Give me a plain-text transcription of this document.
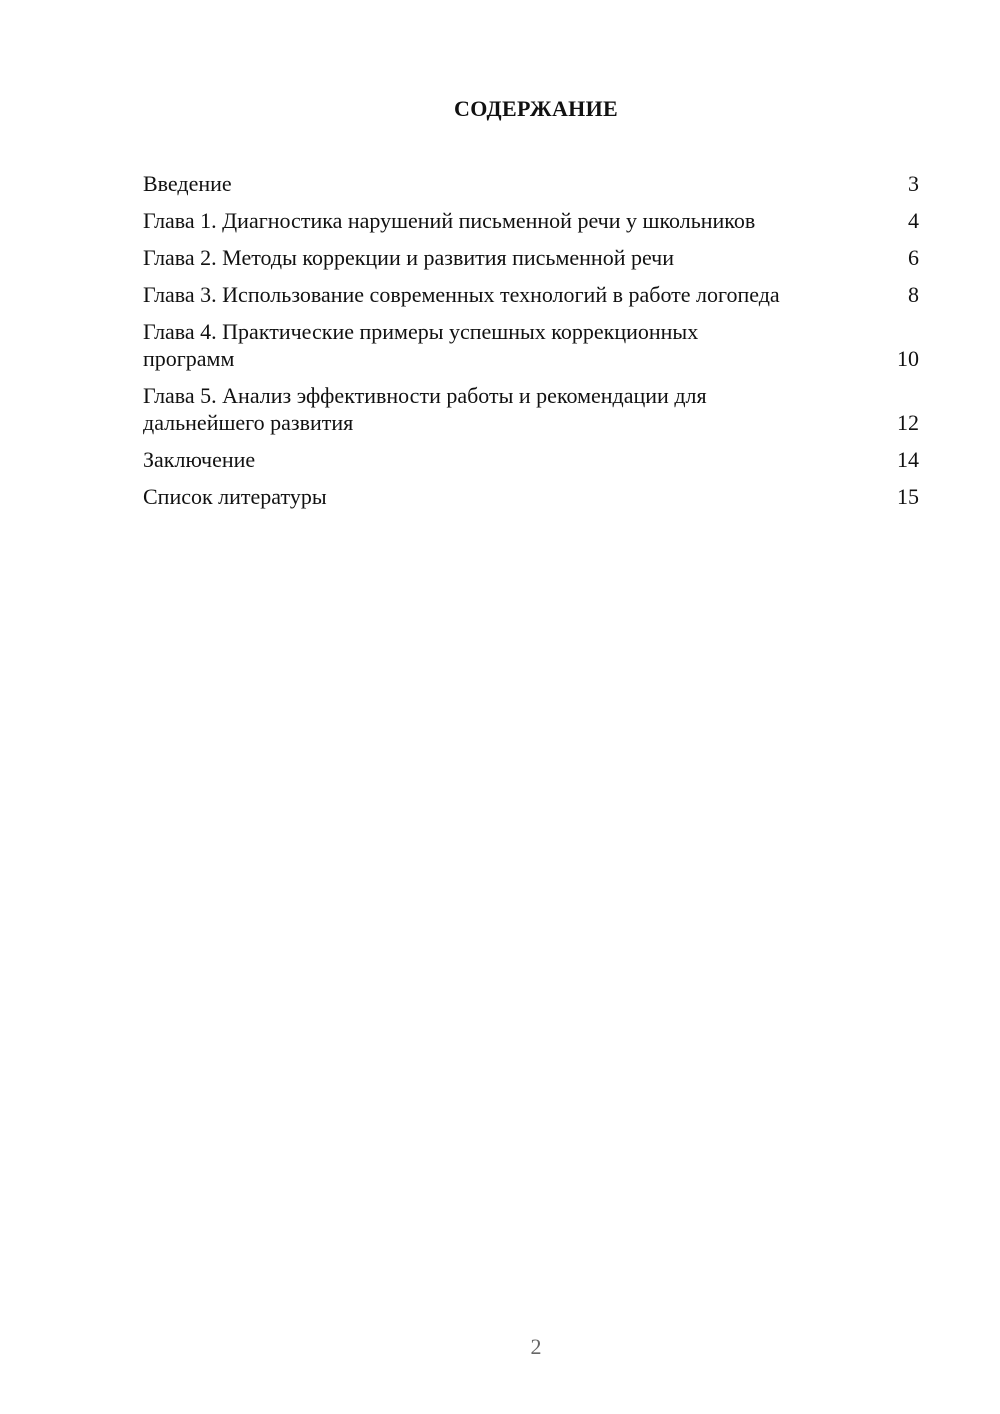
СОДЕРЖАНИЕ
Введение	3
Глава 1. Диагностика нарушений письменной речи у школьников	4
Глава 2. Методы коррекции и развития письменной речи	6
Глава 3. Использование современных технологий в работе логопеда	8
Глава 4. Практические примеры успешных коррекционных программ	10
Глава 5. Анализ эффективности работы и рекомендации для дальнейшего развития	12
Заключение	14
Список литературы	15
2
